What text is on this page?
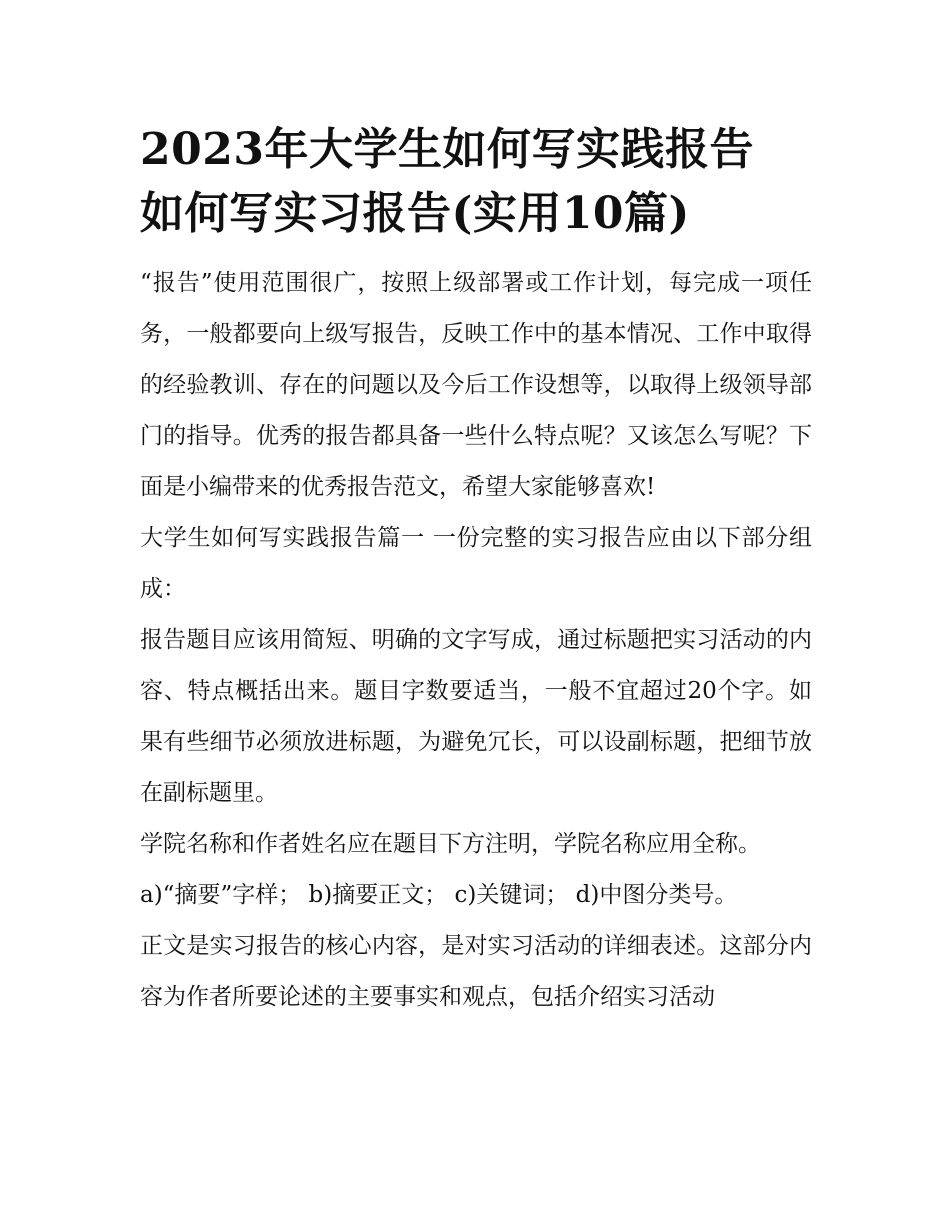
2023年大学生如何写实践报告
如何写实习报告(实用10篇)

“报告”使用范围很广，按照上级部署或工作计划，每完成一项任务，一般都要向上级写报告，反映工作中的基本情况、工作中取得的经验教训、存在的问题以及今后工作设想等，以取得上级领导部门的指导。优秀的报告都具备一些什么特点呢？又该怎么写呢？下面是小编带来的优秀报告范文，希望大家能够喜欢!

大学生如何写实践报告篇一 一份完整的实习报告应由以下部分组成：

报告题目应该用简短、明确的文字写成，通过标题把实习活动的内容、特点概括出来。题目字数要适当，一般不宜超过20个字。如果有些细节必须放进标题，为避免冗长，可以设副标题，把细节放在副标题里。

学院名称和作者姓名应在题目下方注明，学院名称应用全称。

a)“摘要”字样； b)摘要正文； c)关键词； d)中图分类号。

正文是实习报告的核心内容，是对实习活动的详细表述。这部分内容为作者所要论述的主要事实和观点，包括介绍实习活动
